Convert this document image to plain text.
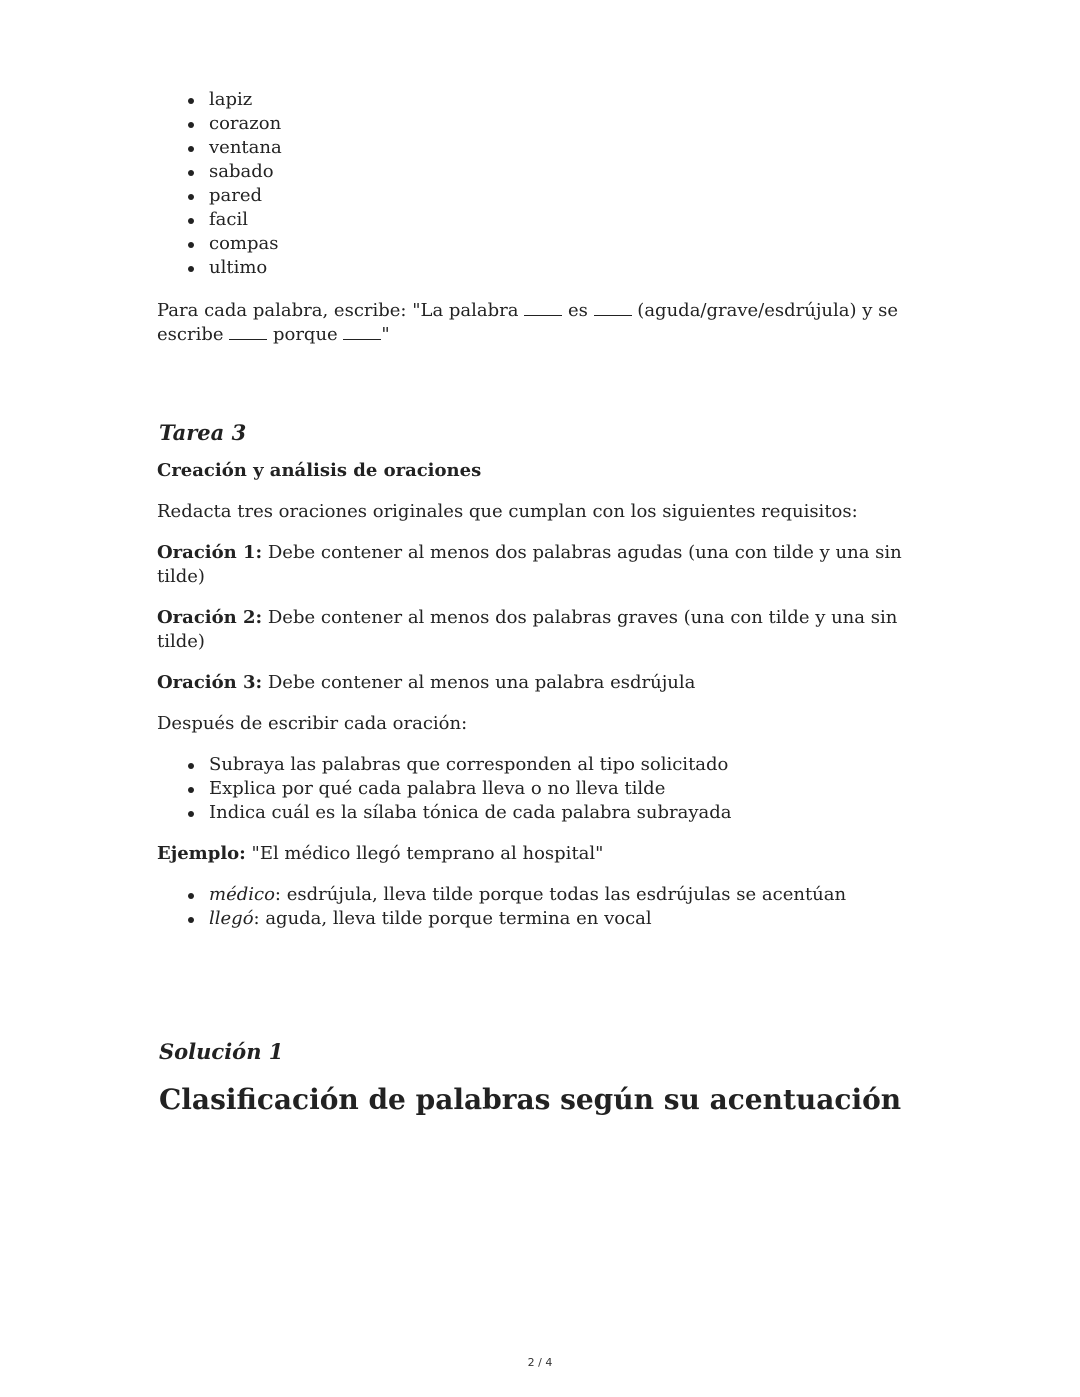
lapiz
corazon
ventana
sabado
pared
facil
compas
ultimo

Para cada palabra, escribe: "La palabra  es  (aguda/grave/esdrújula) y se escribe  porque "

Tarea 3
Creación y análisis de oraciones

Redacta tres oraciones originales que cumplan con los siguientes requisitos:

Oración 1: Debe contener al menos dos palabras agudas (una con tilde y una sin tilde)

Oración 2: Debe contener al menos dos palabras graves (una con tilde y una sin tilde)

Oración 3: Debe contener al menos una palabra esdrújula

Después de escribir cada oración:

Subraya las palabras que corresponden al tipo solicitado
Explica por qué cada palabra lleva o no lleva tilde
Indica cuál es la sílaba tónica de cada palabra subrayada

Ejemplo: "El médico llegó temprano al hospital"

médico: esdrújula, lleva tilde porque todas las esdrújulas se acentúan
llegó: aguda, lleva tilde porque termina en vocal
Solución 1
Clasificación de palabras según su acentuación
2 / 4
